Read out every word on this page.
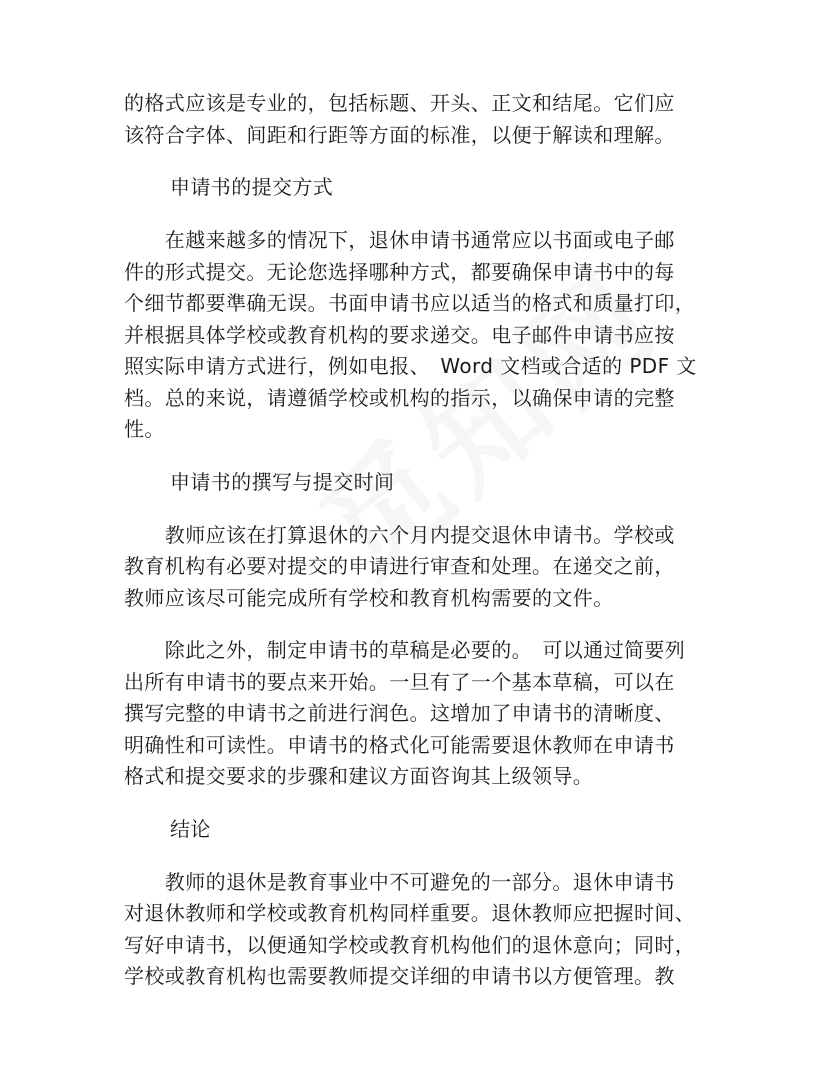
的格式应该是专业的，包括标题、开头、正文和结尾。它们应
该符合字体、间距和行距等方面的标准，以便于解读和理解。
申请书的提交方式
　　在越来越多的情况下，退休申请书通常应以书面或电子邮
件的形式提交。无论您选择哪种方式，都要确保申请书中的每
个细节都要準确无误。书面申请书应以适当的格式和质量打印，
并根据具体学校或教育机构的要求递交。电子邮件申请书应按
照实际申请方式进行，例如电报、　Word 文档或合适的 PDF 文
档。总的来说，请遵循学校或机构的指示，以确保申请的完整
性。
申请书的撰写与提交时间
　　教师应该在打算退休的六个月内提交退休申请书。学校或
教育机构有必要对提交的申请进行审查和处理。在递交之前，
教师应该尽可能完成所有学校和教育机构需要的文件。
　　除此之外，制定申请书的草稿是必要的。　可以通过简要列
出所有申请书的要点来开始。一旦有了一个基本草稿，可以在
撰写完整的申请书之前进行润色。这增加了申请书的清晰度、
明确性和可读性。申请书的格式化可能需要退休教师在申请书
格式和提交要求的步骤和建议方面咨询其上级领导。
结论
　　教师的退休是教育事业中不可避免的一部分。退休申请书
对退休教师和学校或教育机构同样重要。退休教师应把握时间、
写好申请书，以便通知学校或教育机构他们的退休意向；同时，
学校或教育机构也需要教师提交详细的申请书以方便管理。教
